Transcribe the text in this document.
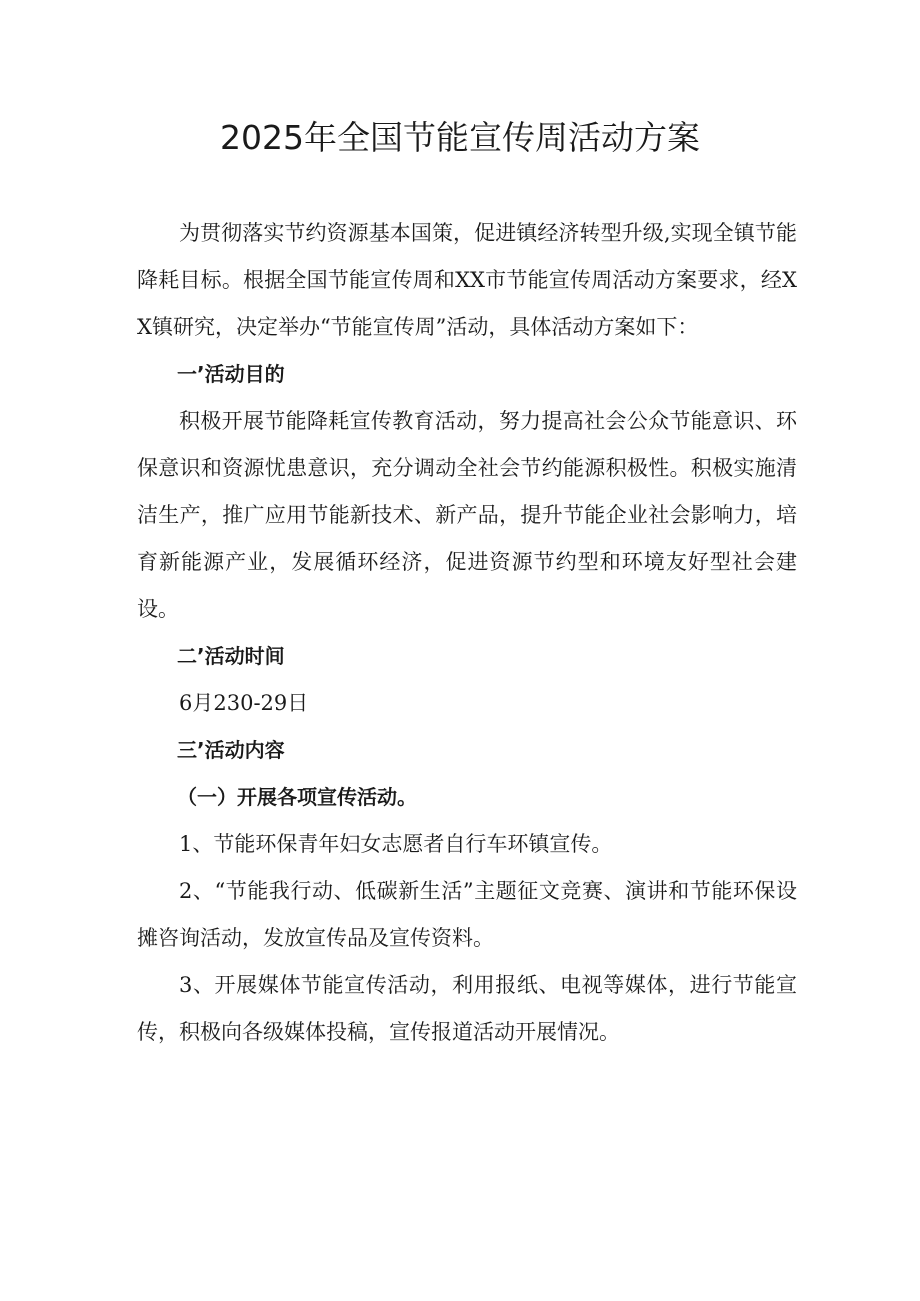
2025年全国节能宣传周活动方案

为贯彻落实节约资源基本国策，促进镇经济转型升级,实现全镇节能降耗目标。根据全国节能宣传周和XX市节能宣传周活动方案要求，经XX镇研究，决定举办“节能宣传周”活动，具体活动方案如下：

一’活动目的

积极开展节能降耗宣传教育活动，努力提高社会公众节能意识、环保意识和资源忧患意识，充分调动全社会节约能源积极性。积极实施清洁生产，推广应用节能新技术、新产品，提升节能企业社会影响力，培育新能源产业，发展循环经济，促进资源节约型和环境友好型社会建设。

二’活动时间

6月230-29日

三’活动内容

（一）开展各项宣传活动。

1、节能环保青年妇女志愿者自行车环镇宣传。

2、“节能我行动、低碳新生活”主题征文竞赛、演讲和节能环保设摊咨询活动，发放宣传品及宣传资料。

3、开展媒体节能宣传活动，利用报纸、电视等媒体，进行节能宣传，积极向各级媒体投稿，宣传报道活动开展情况。
